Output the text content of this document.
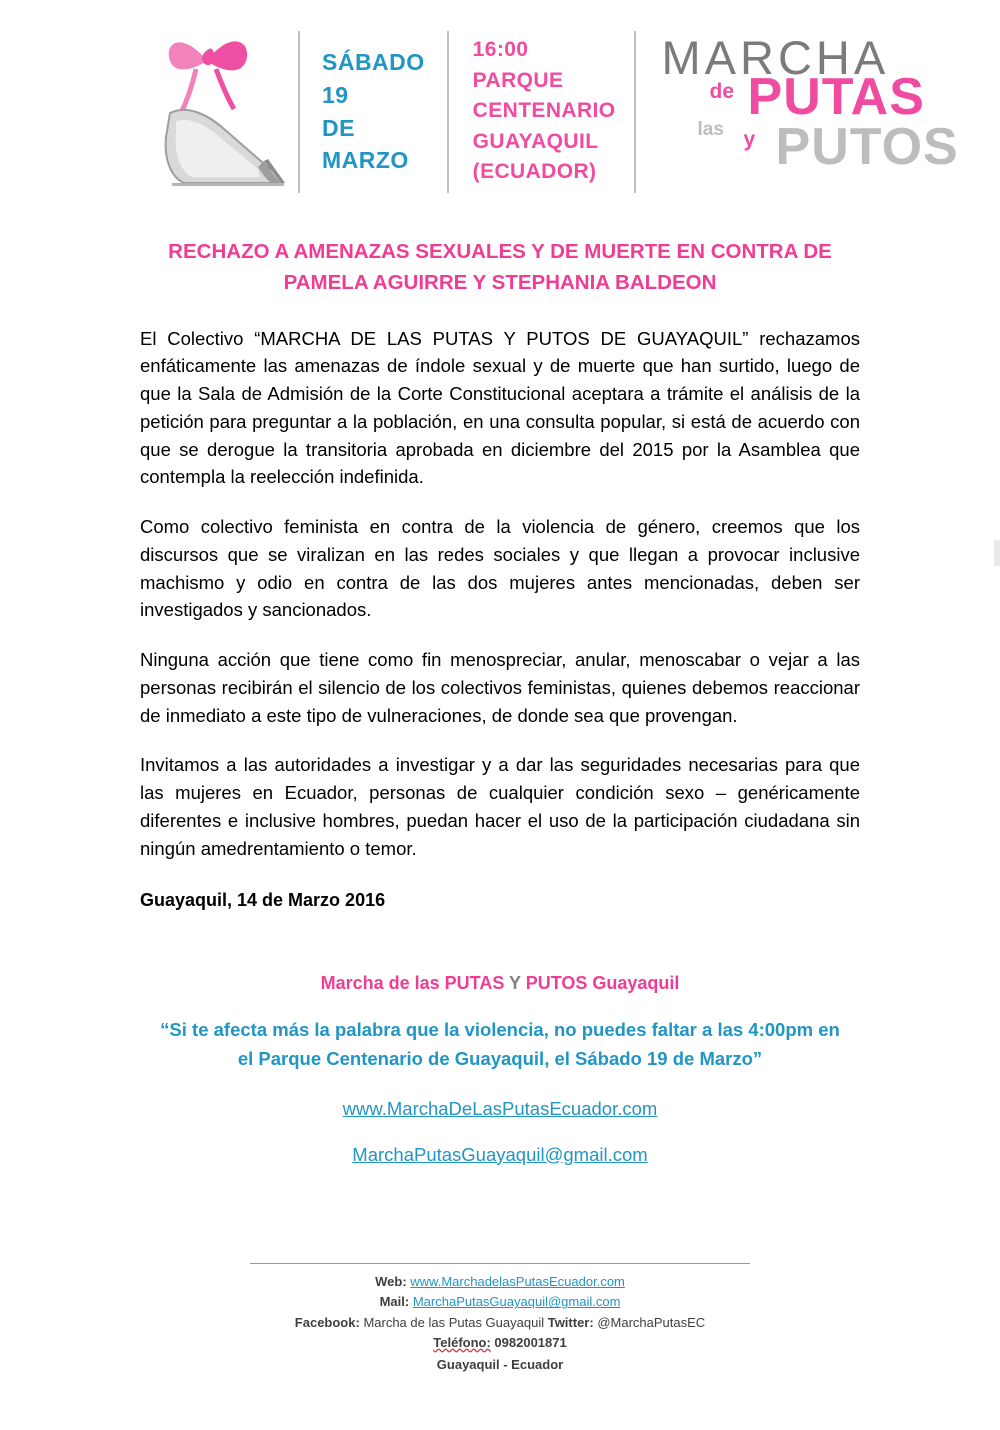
SÁBADO
19
DE
MARZO
16:00
PARQUE
CENTENARIO
GUAYAQUIL
(ECUADOR)
MARCHA
de PUTAS
las y PUTOS
RECHAZO A AMENAZAS SEXUALES Y DE MUERTE EN CONTRA DE PAMELA AGUIRRE Y STEPHANIA BALDEON

El Colectivo “MARCHA DE LAS PUTAS Y PUTOS DE GUAYAQUIL” rechazamos enfáticamente las amenazas de índole sexual y de muerte que han surtido, luego de que la Sala de Admisión de la Corte Constitucional aceptara a trámite el análisis de la petición para preguntar a la población, en una consulta popular, si está de acuerdo con que se derogue la transitoria aprobada en diciembre del 2015 por la Asamblea que contempla la reelección indefinida.

Como colectivo feminista en contra de la violencia de género, creemos que los discursos que se viralizan en las redes sociales y que llegan a provocar inclusive machismo y odio en contra de las dos mujeres antes mencionadas, deben ser investigados y sancionados.

Ninguna acción que tiene como fin menospreciar, anular, menoscabar o vejar a las personas recibirán el silencio de los colectivos feministas, quienes debemos reaccionar de inmediato a este tipo de vulneraciones, de donde sea que provengan.

Invitamos a las autoridades a investigar y a dar las seguridades necesarias para que las mujeres en Ecuador, personas de cualquier condición sexo – genéricamente diferentes e inclusive hombres, puedan hacer el uso de la participación ciudadana sin ningún amedrentamiento o temor.

Guayaquil, 14 de Marzo 2016
Marcha de las PUTAS Y PUTOS Guayaquil
“Si te afecta más la palabra que la violencia, no puedes faltar a las 4:00pm en
el Parque Centenario de Guayaquil, el Sábado 19 de Marzo”
www.MarchaDeLasPutasEcuador.com
MarchaPutasGuayaquil@gmail.com
Web: www.MarchadelasPutasEcuador.com
Mail: MarchaPutasGuayaquil@gmail.com
Facebook: Marcha de las Putas Guayaquil Twitter: @MarchaPutasEC
Teléfono: 0982001871
Guayaquil - Ecuador
